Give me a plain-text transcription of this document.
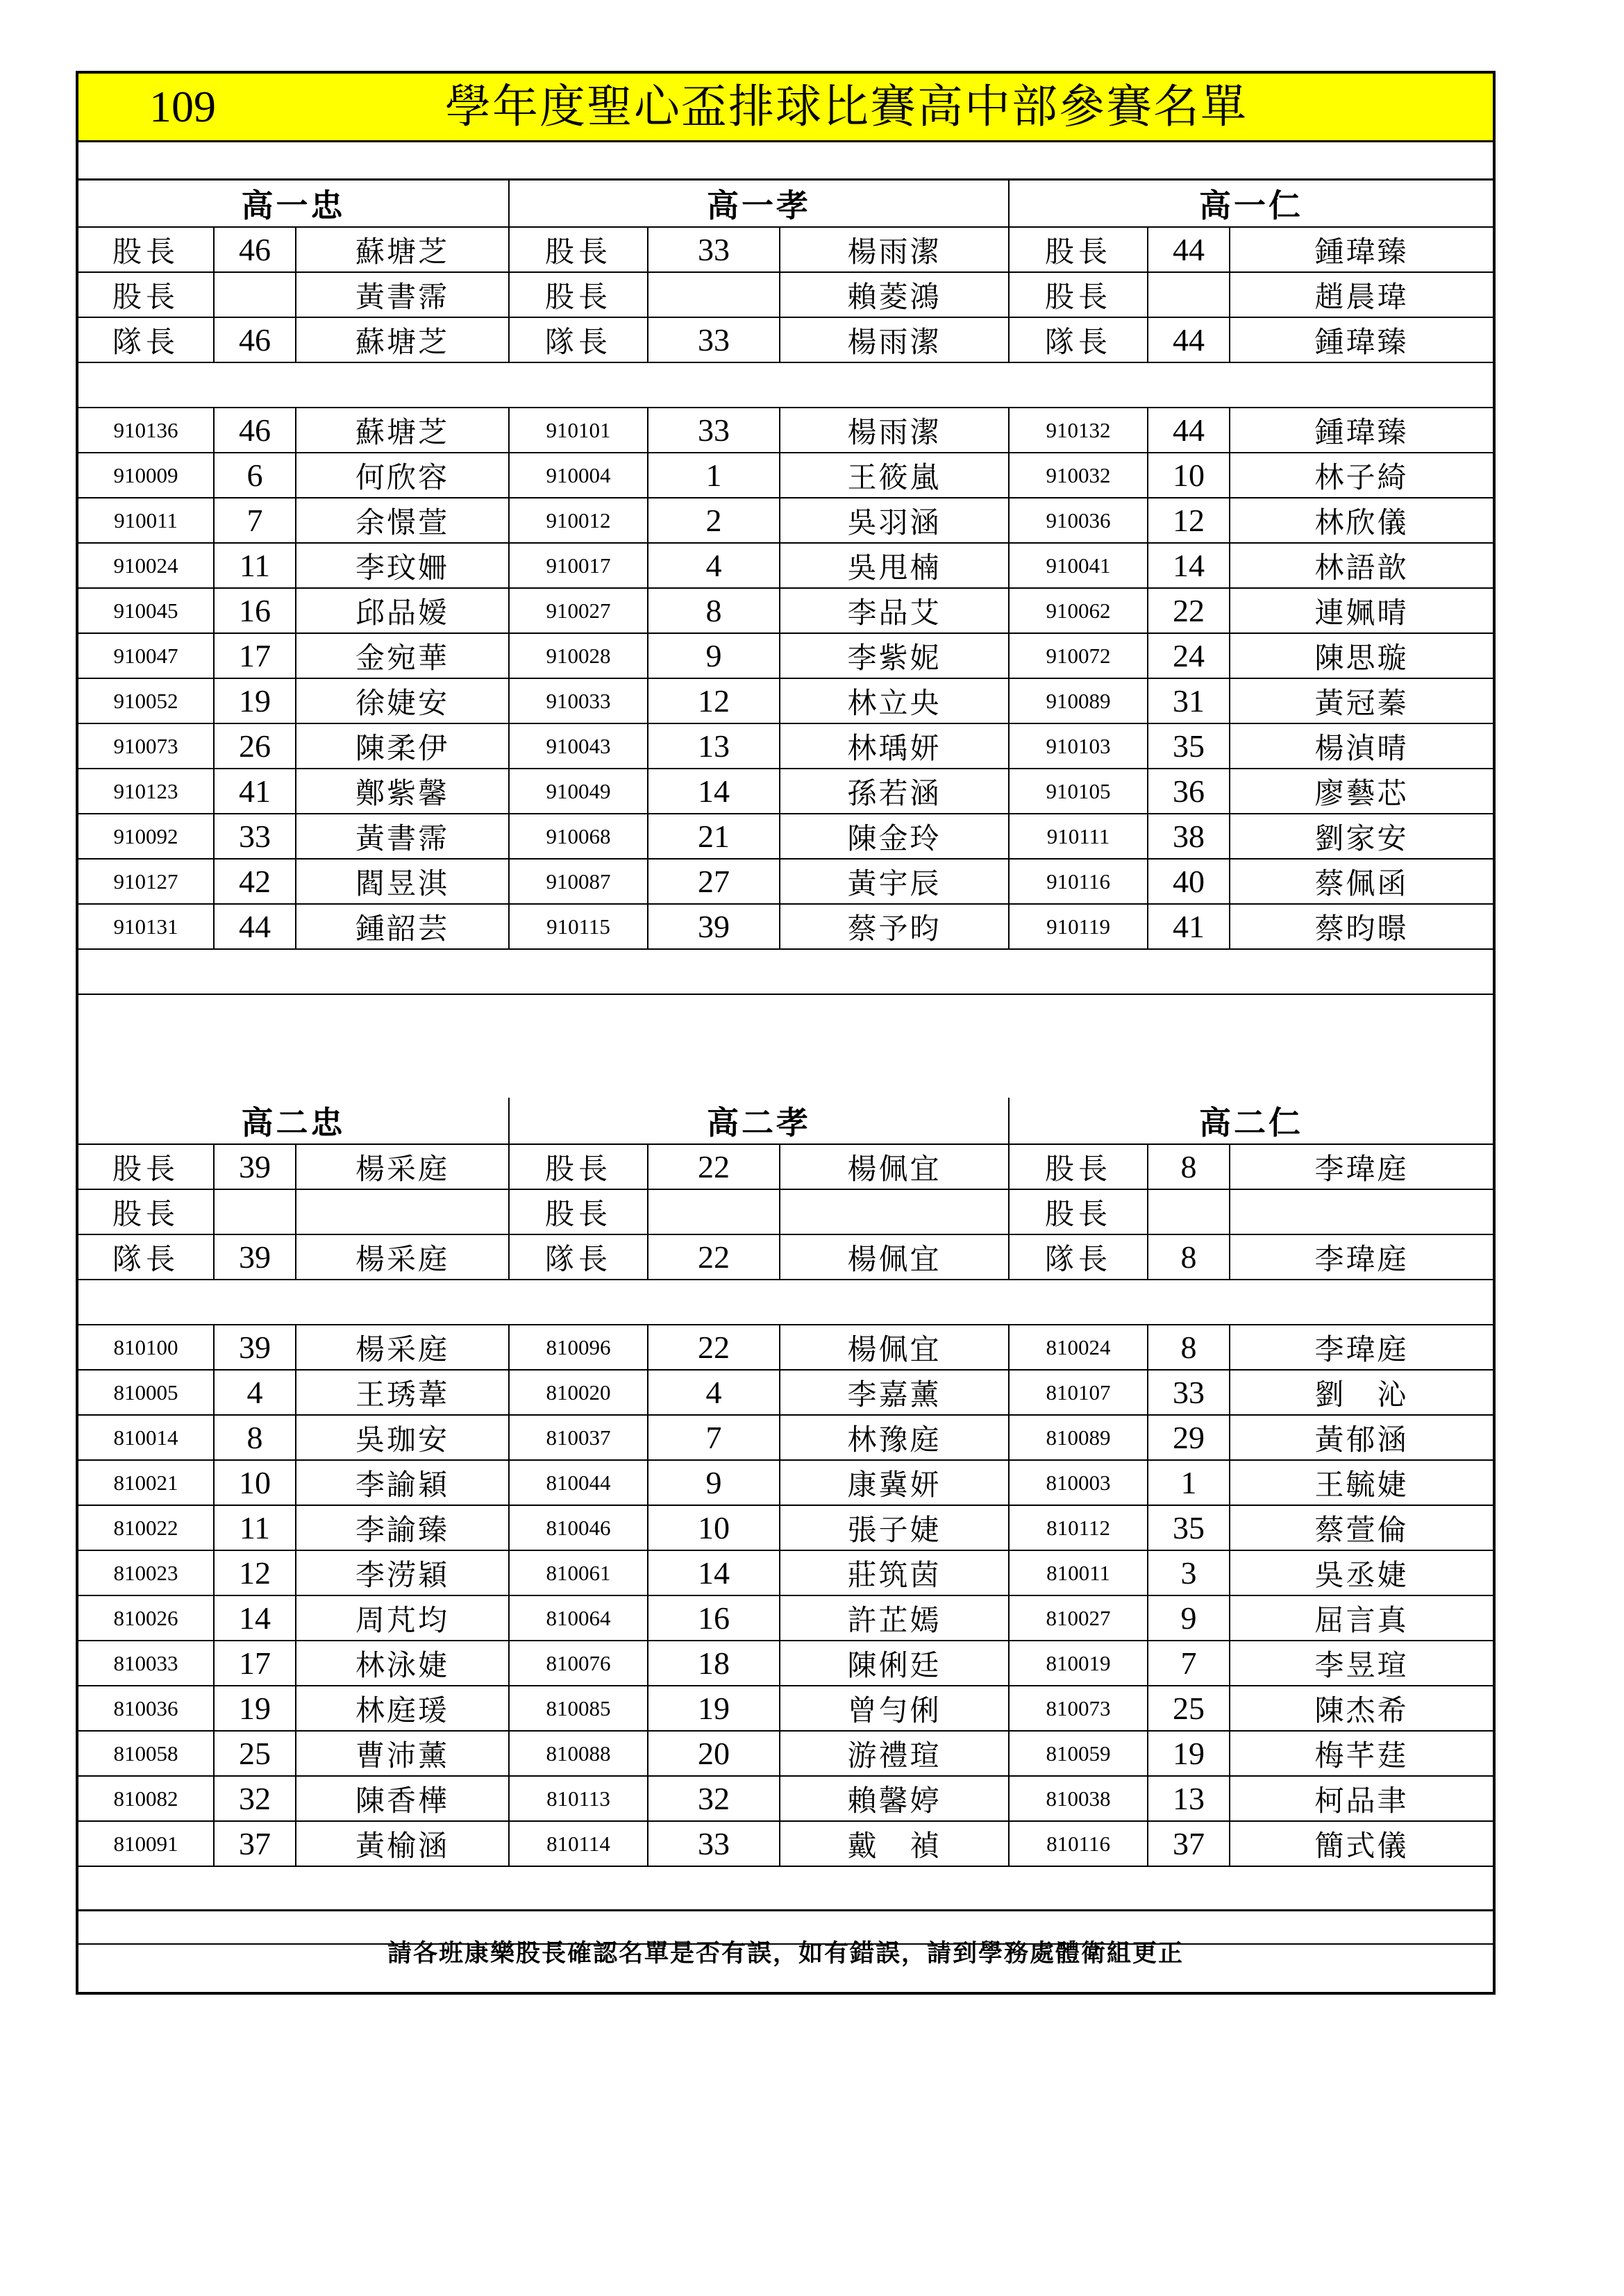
109	學年度聖心盃排球比賽高中部參賽名單
高一忠			高一孝			高一仁		
股長	46	蘇塘芝	股長	33	楊雨潔	股長	44	鍾瑋臻
股長		黃書霈	股長		賴菱鴻	股長		趙晨瑋
隊長	46	蘇塘芝	隊長	33	楊雨潔	隊長	44	鍾瑋臻

910136	46	蘇塘芝	910101	33	楊雨潔	910132	44	鍾瑋臻
910009	6	何欣容	910004	1	王筱嵐	910032	10	林子綺
910011	7	余憬萱	910012	2	吳羽涵	910036	12	林欣儀
910024	11	李玟姍	910017	4	吳甩楠	910041	14	林語歆
910045	16	邱品嫒	910027	8	李品艾	910062	22	連姵晴
910047	17	金宛華	910028	9	李紫妮	910072	24	陳思璇
910052	19	徐婕安	910033	12	林立央	910089	31	黃冠蓁
910073	26	陳柔伊	910043	13	林瑀妍	910103	35	楊湞晴
910123	41	鄭紫馨	910049	14	孫若涵	910105	36	廖藝芯
910092	33	黃書霈	910068	21	陳金玲	910111	38	劉家安
910127	42	閻昱淇	910087	27	黃宇辰	910116	40	蔡佩函
910131	44	鍾韶芸	910115	39	蔡予昀	910119	41	蔡昀暻

高二忠			高二孝			高二仁		
股長	39	楊采庭	股長	22	楊佩宜	股長	8	李瑋庭
股長			股長			股長		
隊長	39	楊采庭	隊長	22	楊佩宜	隊長	8	李瑋庭

810100	39	楊采庭	810096	22	楊佩宜	810024	8	李瑋庭
810005	4	王琇葦	810020	4	李嘉薰	810107	33	劉　沁
810014	8	吳珈安	810037	7	林豫庭	810089	29	黃郁涵
810021	10	李諭穎	810044	9	康冀妍	810003	1	王毓婕
810022	11	李諭臻	810046	10	張子婕	810112	35	蔡萱倫
810023	12	李涝穎	810061	14	莊筑茵	810011	3	吳丞婕
810026	14	周芃均	810064	16	許芷嫣	810027	9	屈言真
810033	17	林泳婕	810076	18	陳俐廷	810019	7	李昱瑄
810036	19	林庭瑗	810085	19	曾勻俐	810073	25	陳杰希
810058	25	曹沛薰	810088	20	游禮瑄	810059	19	梅芊莛
810082	32	陳香樺	810113	32	賴馨婷	810038	13	柯品聿
810091	37	黃榆涵	810114	33	戴　禎	810116	37	簡式儀

請各班康樂股長確認名單是否有誤，如有錯誤，請到學務處體衛組更正
